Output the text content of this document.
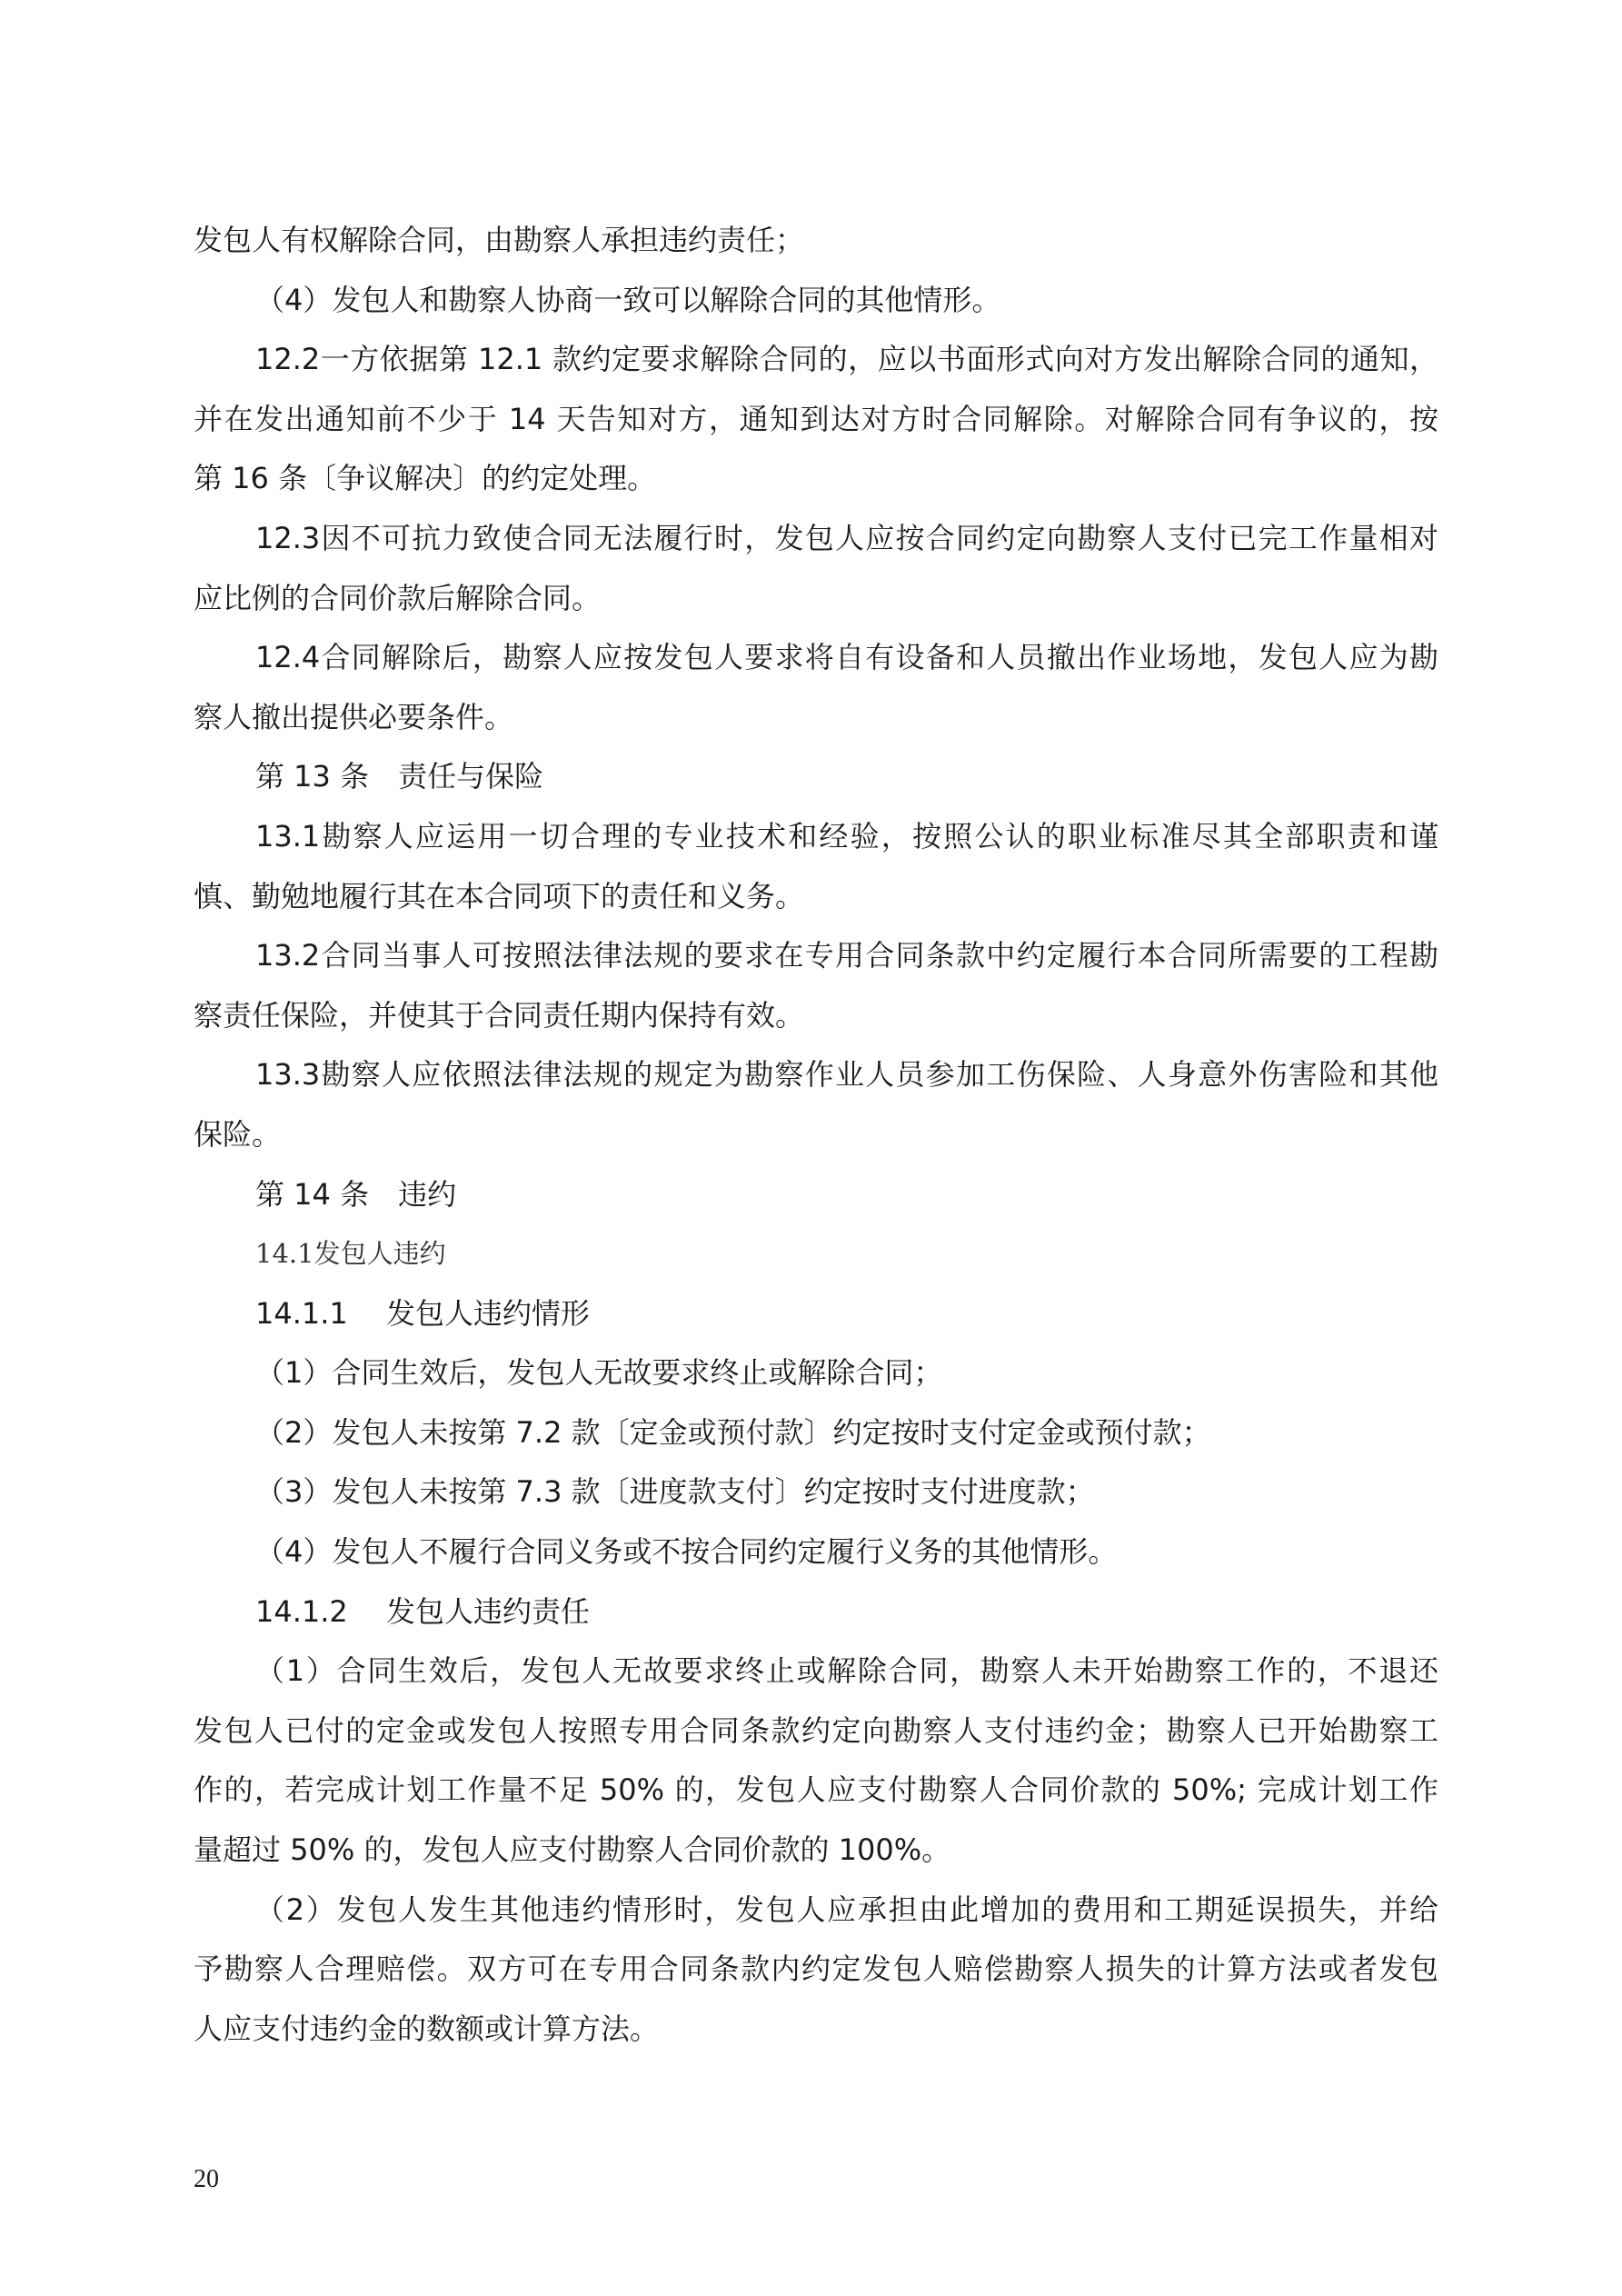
发包人有权解除合同，由勘察人承担违约责任；
（4）发包人和勘察人协商一致可以解除合同的其他情形。
12.2一方依据第 12.1 款约定要求解除合同的，应以书面形式向对方发出解除合同的通知，
并在发出通知前不少于 14 天告知对方，通知到达对方时合同解除。对解除合同有争议的，按
第 16 条〔争议解决〕的约定处理。
12.3因不可抗力致使合同无法履行时，发包人应按合同约定向勘察人支付已完工作量相对
应比例的合同价款后解除合同。
12.4合同解除后，勘察人应按发包人要求将自有设备和人员撤出作业场地，发包人应为勘
察人撤出提供必要条件。
第 13 条　责任与保险
13.1勘察人应运用一切合理的专业技术和经验，按照公认的职业标准尽其全部职责和谨
慎、勤勉地履行其在本合同项下的责任和义务。
13.2合同当事人可按照法律法规的要求在专用合同条款中约定履行本合同所需要的工程勘
察责任保险，并使其于合同责任期内保持有效。
13.3勘察人应依照法律法规的规定为勘察作业人员参加工伤保险、人身意外伤害险和其他
保险。
第 14 条　违约
14.1发包人违约
14.1.1　 发包人违约情形
（1）合同生效后，发包人无故要求终止或解除合同；
（2）发包人未按第 7.2 款〔定金或预付款〕约定按时支付定金或预付款；
（3）发包人未按第 7.3 款〔进度款支付〕约定按时支付进度款；
（4）发包人不履行合同义务或不按合同约定履行义务的其他情形。
14.1.2　 发包人违约责任
（1）合同生效后，发包人无故要求终止或解除合同，勘察人未开始勘察工作的，不退还
发包人已付的定金或发包人按照专用合同条款约定向勘察人支付违约金；勘察人已开始勘察工
作的，若完成计划工作量不足 50% 的，发包人应支付勘察人合同价款的 50%; 完成计划工作
量超过 50% 的，发包人应支付勘察人合同价款的 100%。
（2）发包人发生其他违约情形时，发包人应承担由此增加的费用和工期延误损失，并给
予勘察人合理赔偿。双方可在专用合同条款内约定发包人赔偿勘察人损失的计算方法或者发包
人应支付违约金的数额或计算方法。
20
